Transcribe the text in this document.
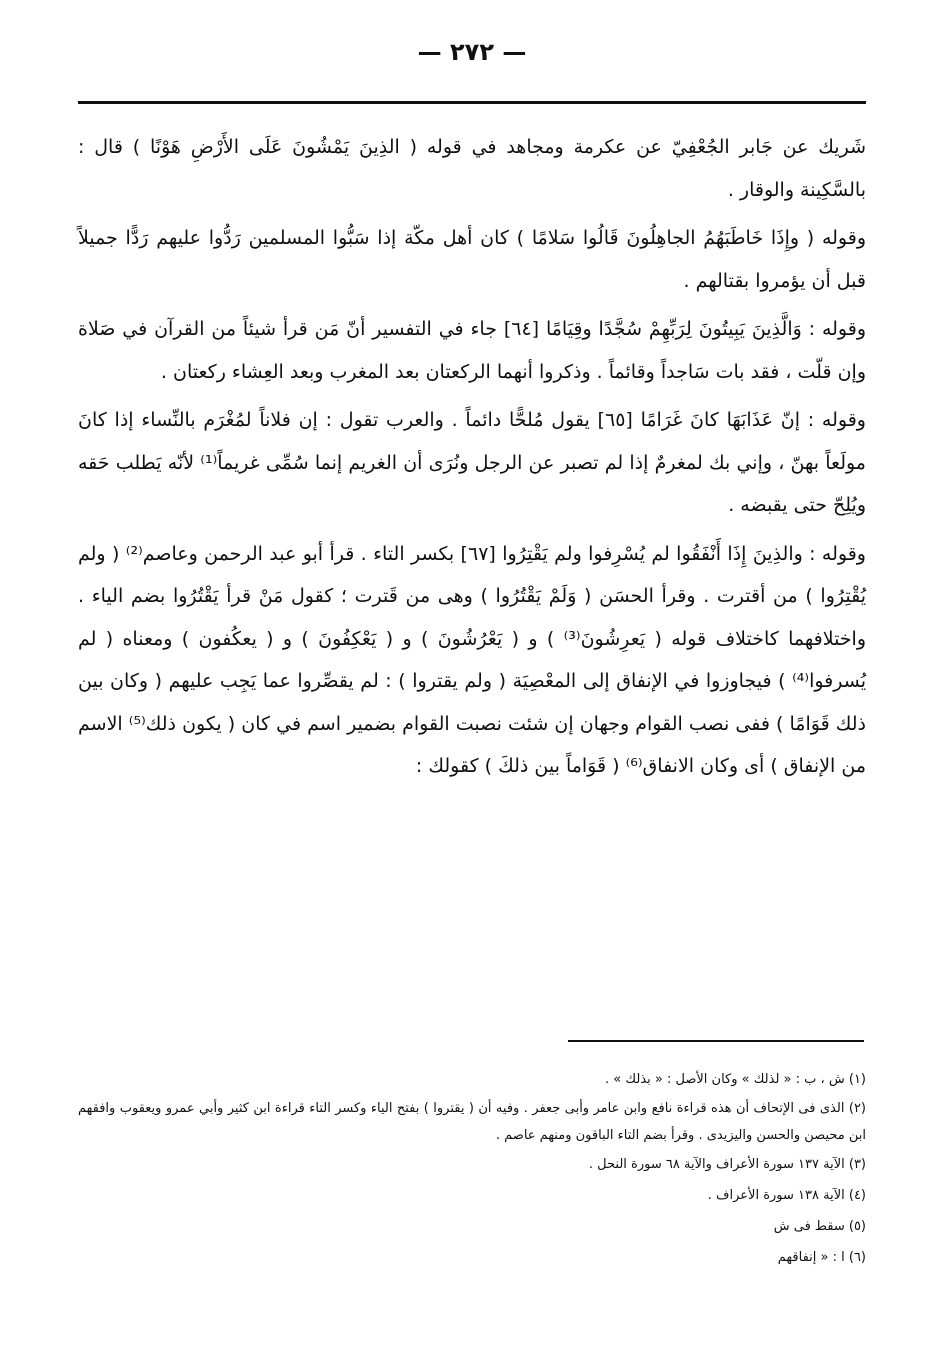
— ٢٧٢ —

شَريك عن جَابر الجُعْفِيّ عن عكرمة ومجاهد في قوله ( الذِينَ يَمْشُونَ عَلَى الأَرْضِ هَوْنًا ) قال : بالسَّكِينة والوقار .

وقوله ( وإِذَا خَاطَبَهُمُ الجاهِلُونَ قَالُوا سَلامًا ) كان أهل مكّة إذا سَبُّوا المسلمين رَدُّوا عليهم رَدًّا جميلاً قبل أن يؤمروا بقتالهم .

وقوله : وَالَّذِينَ يَبِيتُونَ لِرَبِّهِمْ سُجَّدًا وقِيَامًا [٦٤] جاء في التفسير أنّ مَن قرأ شيئاً من القرآن في صَلاة وإن قلّت ، فقد بات سَاجداً وقائماً . وذكروا أنهما الركعتان بعد المغرب وبعد العِشاء ركعتان .

وقوله : إنّ عَذَابَهَا كانَ غَرَامًا [٦٥] يقول مُلحًّا دائماً . والعرب تقول : إن فلاناً لمُغْرَم بالنِّساء إذا كانَ مولَعاً بهنّ ، وإني بك لمغرمٌ إذا لم تصبر عن الرجل ونُرَى أن الغريم إنما سُمِّى غريماً⁽¹⁾ لأنّه يَطلب حَقه ويُلِحّ حتى يقبضه .

وقوله : والذِينَ إِذَا أَنْفَقُوا لم يُسْرِفوا ولم يَقْتِرُوا [٦٧] بكسر التاء . قرأ أبو عبد الرحمن وعاصم⁽²⁾ ( ولم يُقْتِرُوا ) من أقترت . وقرأ الحسَن ( وَلَمْ يَقْتُرُوا ) وهى من قَترت ؛ كقول مَنْ قرأ يَقْتُرُوا بضم الياء . واختلافهما كاختلاف قوله ( يَعرِشُونَ⁽³⁾ ) و ( يَعْرُشُونَ ) و ( يَعْكِفُونَ ) و ( يعكُفون ) ومعناه ( لم يُسرفوا⁽⁴⁾ ) فيجاوزوا في الإنفاق إلى المعْصِيَة ( ولم يقتروا ) : لم يقصِّروا عما يَجِب عليهم ( وكان بين ذلك قَوَامًا ) ففى نصب القوام وجهان إن شئت نصبت القوام بضمير اسم في كان ( يكون ذلك⁽⁵⁾ الاسم من الإنفاق ) أى وكان الانفاق⁽⁶⁾ ( قَوَاماً بين ذلكَ ) كقولك :

(١) ش ، ب : « لذلك » وكان الأصل : « بذلك » .

(٢) الذى فى الإتحاف أن هذه قراءة نافع وابن عامر وأبى جعفر . وفيه أن ( يقتروا ) بفتح الياء وكسر التاء قراءة ابن كثير وأبي عمرو ويعقوب وافقهم ابن محيصن والحسن واليزيدى . وقرأ بضم التاء الباقون ومنهم عاصم .

(٣) الآية ١٣٧ سورة الأعراف والآية ٦٨ سورة النحل .

(٤) الآية ١٣٨ سورة الأعراف .

(٥) سقط فى ش

(٦) ا : « إنفاقهم
